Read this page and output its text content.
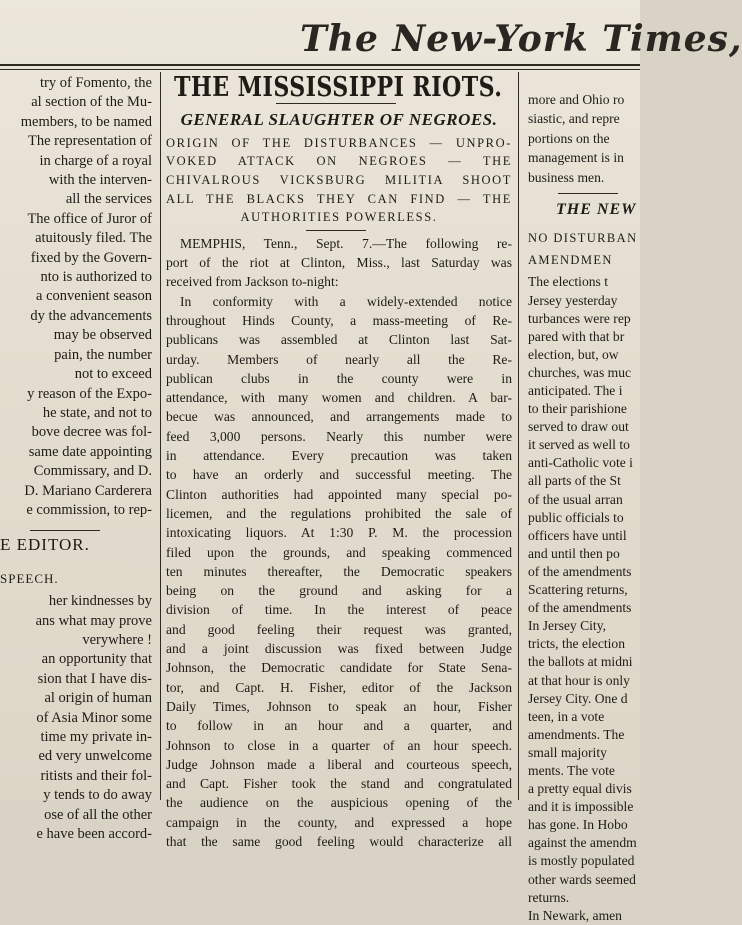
The New-York Times,
try of Fomento, the
al section of the Mu-
members, to be named
The representation of
in charge of a royal
with the interven-
all the services
The office of Juror of
atuitously filed. The
fixed by the Govern-
nto is authorized to
a convenient season
dy the advancements
may be observed
pain, the number
not to exceed
y reason of the Expo-
he state, and not to
bove decree was fol-
same date appointing
Commissary, and D.
D. Mariano Carderera
e commission, to rep-
E EDITOR.
SPEECH.
her kindnesses by
ans what may prove
verywhere !
an opportunity that
sion that I have dis-
al origin of human
of Asia Minor some
time my private in-
ed very unwelcome
ritists and their fol-
y tends to do away
ose of all the other
e have been accord-
THE MISSISSIPPI RIOTS.
GENERAL SLAUGHTER OF NEGROES.
ORIGIN OF THE DISTURBANCES — UNPRO-
VOKED ATTACK ON NEGROES — THE
CHIVALROUS VICKSBURG MILITIA SHOOT
ALL THE BLACKS THEY CAN FIND — THE
AUTHORITIES POWERLESS.
MEMPHIS, Tenn., Sept. 7.—The following re-
port of the riot at Clinton, Miss., last Saturday was
received from Jackson to-night:
In conformity with a widely-extended notice
throughout Hinds County, a mass-meeting of Re-
publicans was assembled at Clinton last Sat-
urday. Members of nearly all the Re-
publican clubs in the county were in
attendance, with many women and children. A bar-
becue was announced, and arrangements made to
feed 3,000 persons. Nearly this number were
in attendance. Every precaution was taken
to have an orderly and successful meeting. The
Clinton authorities had appointed many special po-
licemen, and the regulations prohibited the sale of
intoxicating liquors. At 1:30 P. M. the procession
filed upon the grounds, and speaking commenced
ten minutes thereafter, the Democratic speakers
being on the ground and asking for a
division of time. In the interest of peace
and good feeling their request was granted,
and a joint discussion was fixed between Judge
Johnson, the Democratic candidate for State Sena-
tor, and Capt. H. Fisher, editor of the Jackson
Daily Times, Johnson to speak an hour, Fisher
to follow in an hour and a quarter, and
Johnson to close in a quarter of an hour speech.
Judge Johnson made a liberal and courteous speech,
and Capt. Fisher took the stand and congratulated
the audience on the auspicious opening of the
campaign in the county, and expressed a hope
that the same good feeling would characterize all
more and Ohio ro
siastic, and repre
portions on the
management is in
business men.
THE NEW
NO DISTURBAN
AMENDMEN
The elections t
Jersey yesterday
turbances were rep
pared with that br
election, but, ow
churches, was muc
anticipated. The i
to their parishione
served to draw out
it served as well to
anti-Catholic vote i
all parts of the St
of the usual arran
public officials to
officers have until
and until then po
of the amendments
Scattering returns,
of the amendments
In Jersey City,
tricts, the election
the ballots at midni
at that hour is only
Jersey City. One d
teen, in a vote
amendments. The
small majority
ments. The vote
a pretty equal divis
and it is impossible
has gone. In Hobo
against the amendm
is mostly populated
other wards seemed
returns.
In Newark, amen
